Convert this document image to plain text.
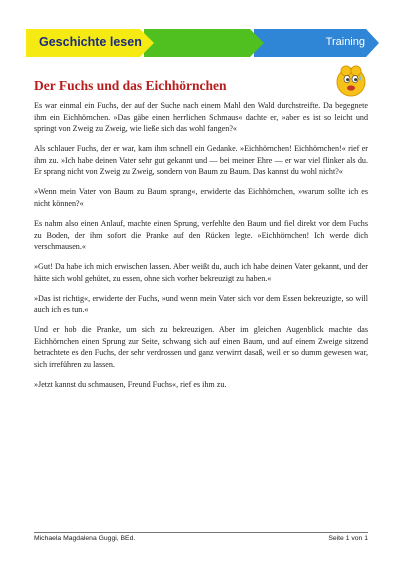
Geschichte lesen	Training
Der Fuchs und das Eichhörnchen

Es war einmal ein Fuchs, der auf der Suche nach einem Mahl den Wald durchstreifte. Da begegnete ihm ein Eichhörnchen. »Das gäbe einen herrlichen Schmaus« dachte er, »aber es ist so leicht und springt von Zweig zu Zweig, wie ließe sich das wohl fangen?«

Als schlauer Fuchs, der er war, kam ihm schnell ein Gedanke. »Eichhörnchen! Eichhörnchen!« rief er ihm zu. »Ich habe deinen Vater sehr gut gekannt und — bei meiner Ehre — er war viel flinker als du. Er sprang nicht von Zweig zu Zweig, sondern von Baum zu Baum. Das kannst du wohl nicht?«

»Wenn mein Vater von Baum zu Baum sprang«, erwiderte das Eichhörnchen, »warum sollte ich es nicht können?«

Es nahm also einen Anlauf, machte einen Sprung, verfehlte den Baum und fiel direkt vor dem Fuchs zu Boden, der ihm sofort die Pranke auf den Rücken legte. »Eichhörnchen! Ich werde dich verschmausen.«

»Gut! Da habe ich mich erwischen lassen. Aber weißt du, auch ich habe deinen Vater gekannt, und der hätte sich wohl gehütet, zu essen, ohne sich vorher bekreuzigt zu haben.«

»Das ist richtig«, erwiderte der Fuchs, »und wenn mein Vater sich vor dem Essen bekreuzigte, so will auch ich es tun.«

Und er hob die Pranke, um sich zu bekreuzigen. Aber im gleichen Augenblick machte das Eichhörnchen einen Sprung zur Seite, schwang sich auf einen Baum, und auf einem Zweige sitzend betrachtete es den Fuchs, der sehr verdrossen und ganz verwirrt dasaß, weil er so dumm gewesen war, sich irreführen zu lassen.

»Jetzt kannst du schmausen, Freund Fuchs«, rief es ihm zu.

Michaela Magdalena Guggi, BEd.	Seite 1 von 1
